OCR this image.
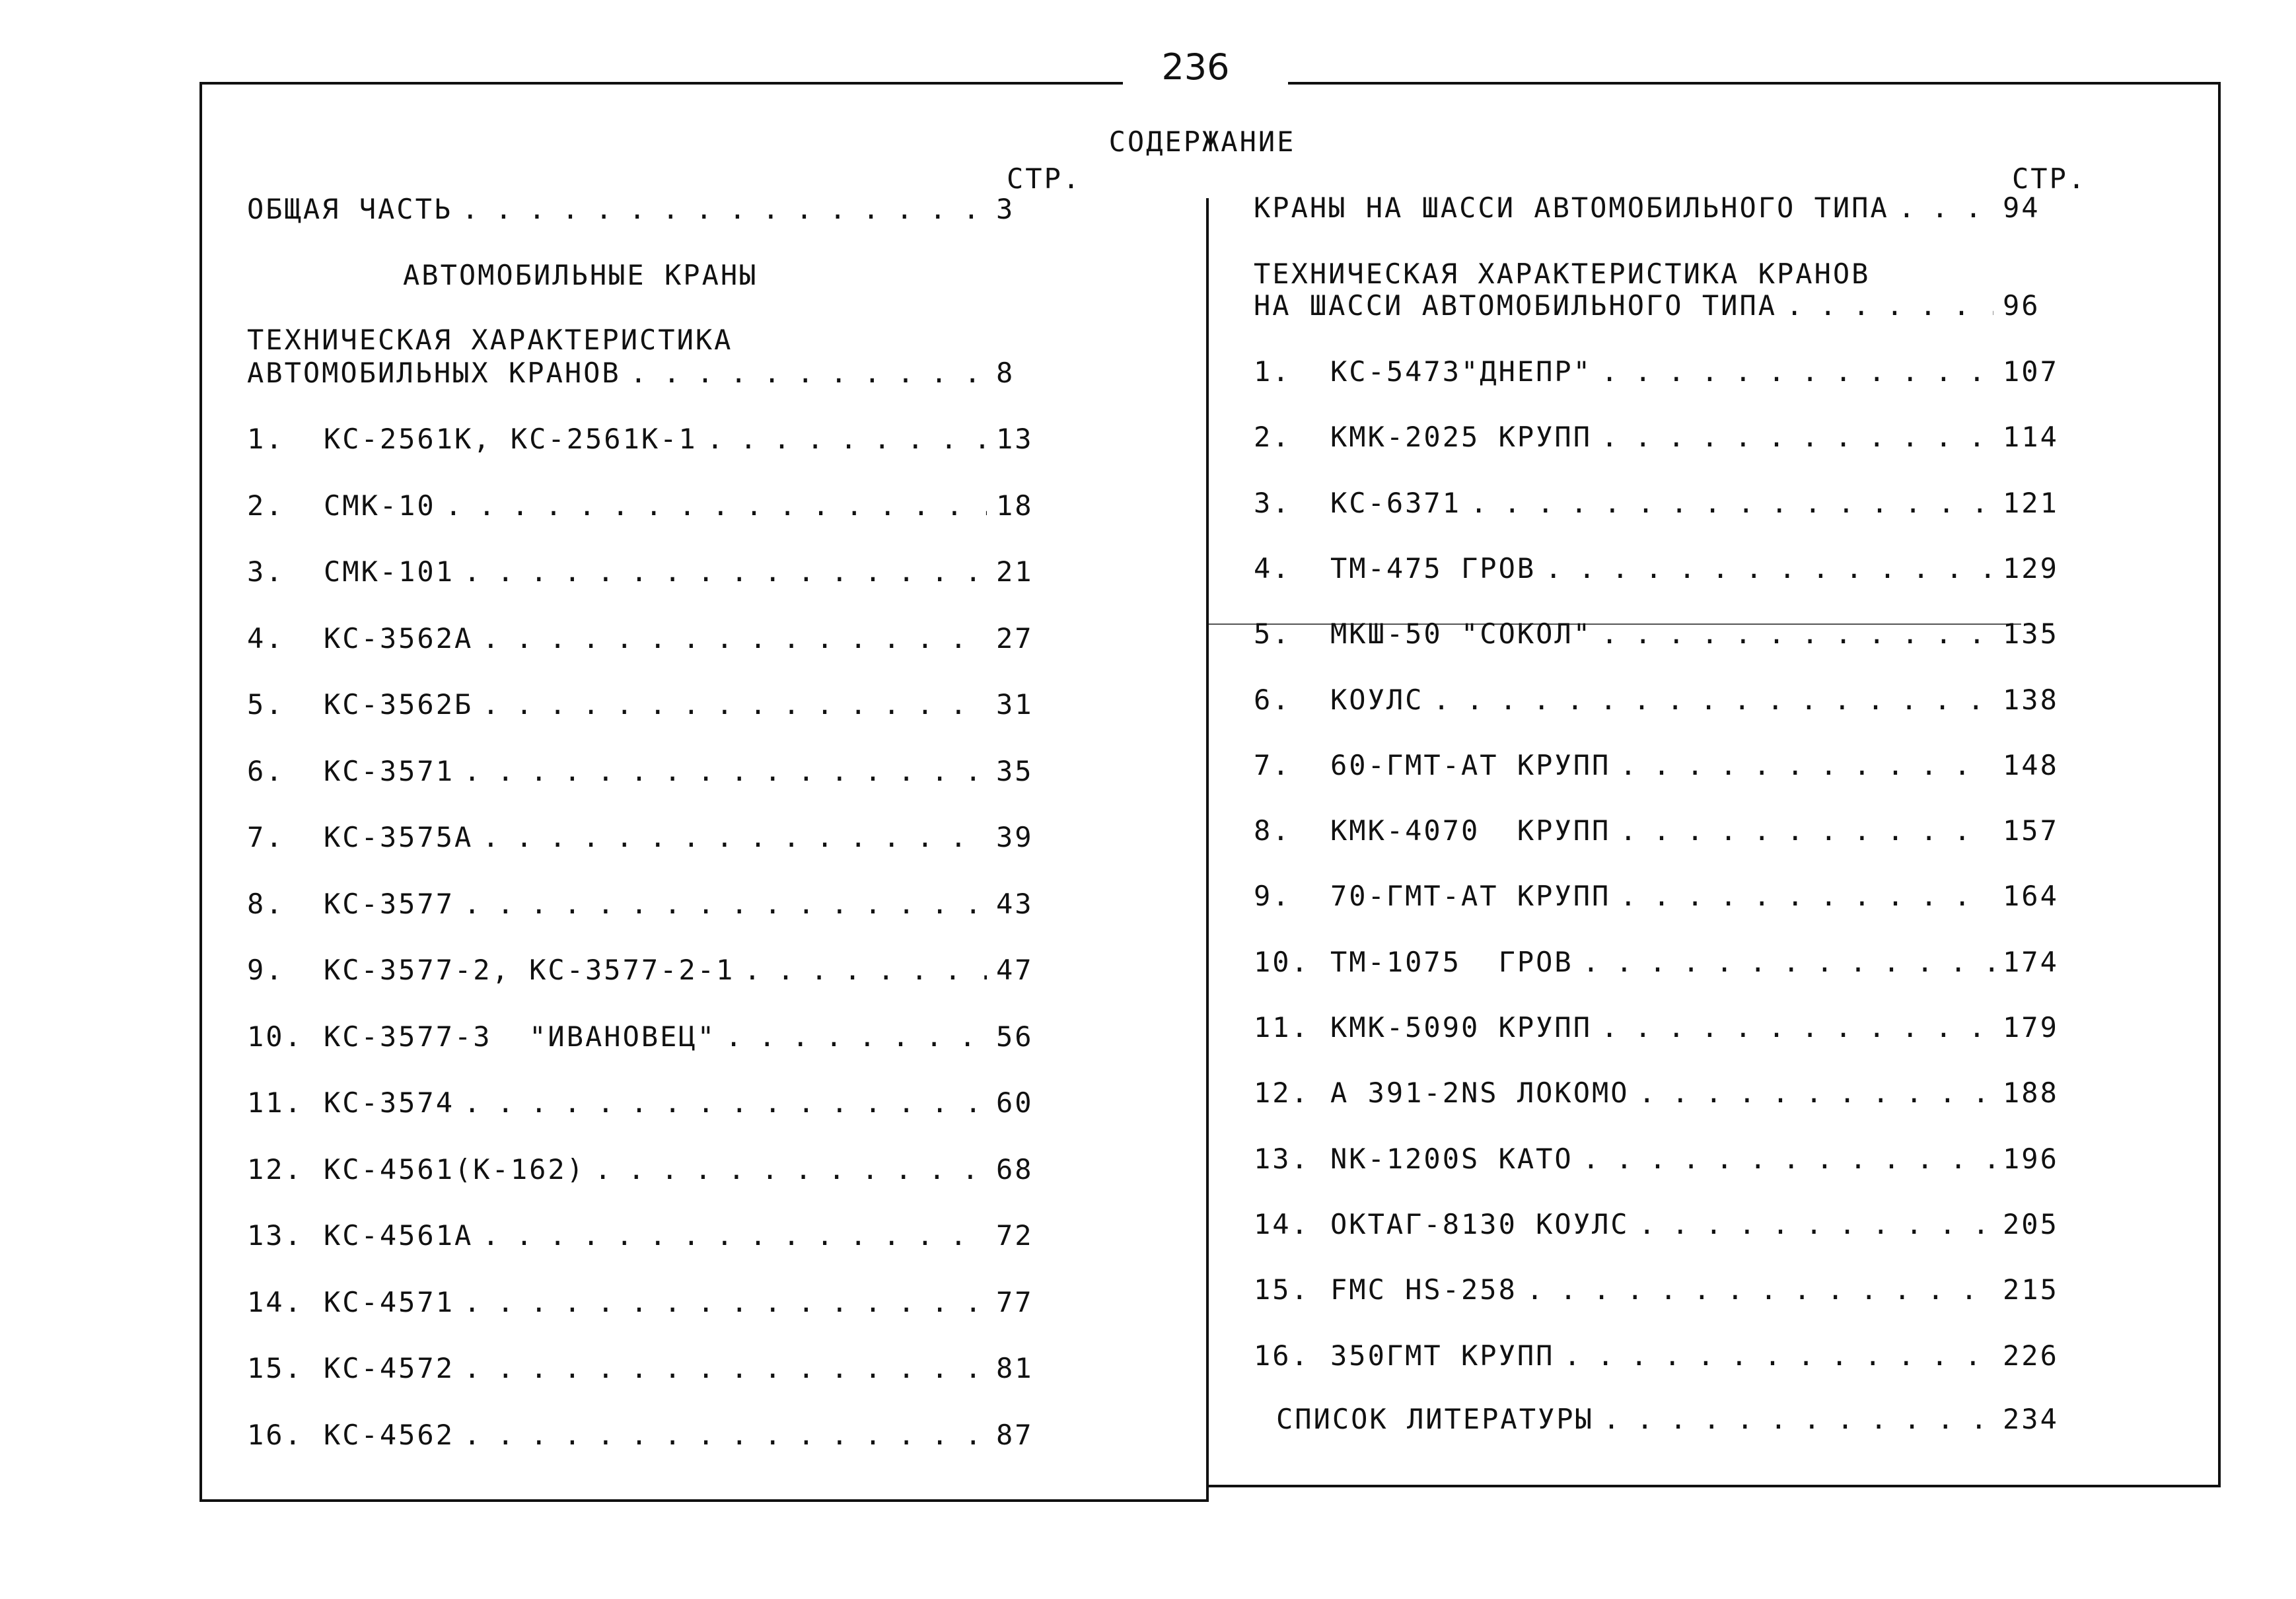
236
СОДЕРЖАНИЕ
СТР.	СТР.
ОБЩАЯ ЧАСТЬ . . .	3
АВТОМОБИЛЬНЫЕ КРАНЫ
ТЕХНИЧЕСКАЯ ХАРАКТЕРИСТИКА
АВТОМОБИЛЬНЫХ КРАНОВ . . .	8
1.	КС-2561К, КС-2561К-1 . . .	13
2.	СМК-10 . . .	18
3.	СМК-101 . . .	21
4.	КС-3562А . . .	27
5.	КС-3562Б . . .	31
6.	КС-3571 . . .	35
7.	КС-3575А . . .	39
8.	КС-3577 . . .	43
9.	КС-3577-2, КС-3577-2-1 . . .	47
10. КС-3577-3  "ИВАНОВЕЦ" . . .	56
11. КС-3574 . . .	60
12. КС-4561(К-162) . . .	68
13. КС-4561А . . .	72
14. КС-4571 . . .	77
15. КС-4572 . . .	81
16. КС-4562 . . .	87
КРАНЫ НА ШАССИ АВТОМОБИЛЬНОГО ТИПА . . .	94
ТЕХНИЧЕСКАЯ ХАРАКТЕРИСТИКА КРАНОВ
НА ШАССИ АВТОМОБИЛЬНОГО ТИПА . . .	96
1.	КС-5473"ДНЕПР" . . .	107
2.	КМК-2025 КРУПП . . .	114
3.	КС-6371 . . .	121
4.	ТМ-475 ГРОВ . . .	129
5.	МКШ-50 "СОКОЛ" . . .	135
6.	КОУЛС . . .	138
7.	60-ГМТ-АТ КРУПП . . .	148
8.	КМК-4070  КРУПП . . .	157
9.	70-ГМТ-АТ КРУПП . . .	164
10. ТМ-1075  ГРОВ . . .	174
11. КМК-5090 КРУПП . . .	179
12. А 391-2NS ЛОКОМО . . .	188
13. NK-1200S КАТО . . .	196
14. ОКТАГ-8130 КОУЛС . . .	205
15. FMC HS-258 . . .	215
16. 350ГМТ КРУПП . . .	226
СПИСОК ЛИТЕРАТУРЫ . . .	234
